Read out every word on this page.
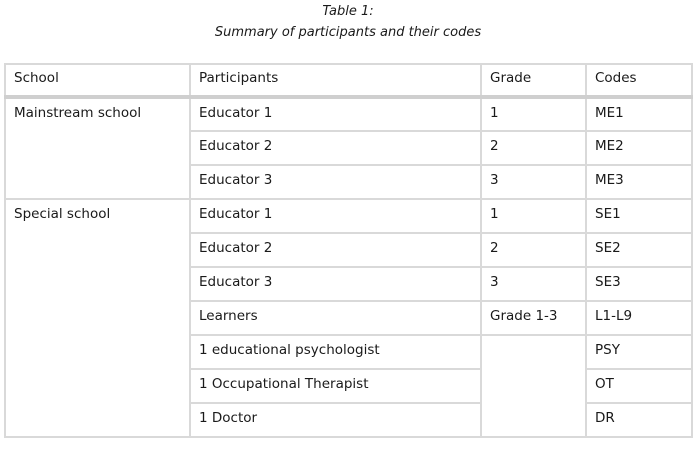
Table 1:
Summary of participants and their codes
School	Participants	Grade	Codes
Mainstream school	Educator 1	1	ME1
	Educator 2	2	ME2
	Educator 3	3	ME3
Special school	Educator 1	1	SE1
	Educator 2	2	SE2
	Educator 3	3	SE3
	Learners	Grade 1-3	L1-L9
	1 educational psychologist		PSY
	1 Occupational Therapist		OT
	1 Doctor		DR
